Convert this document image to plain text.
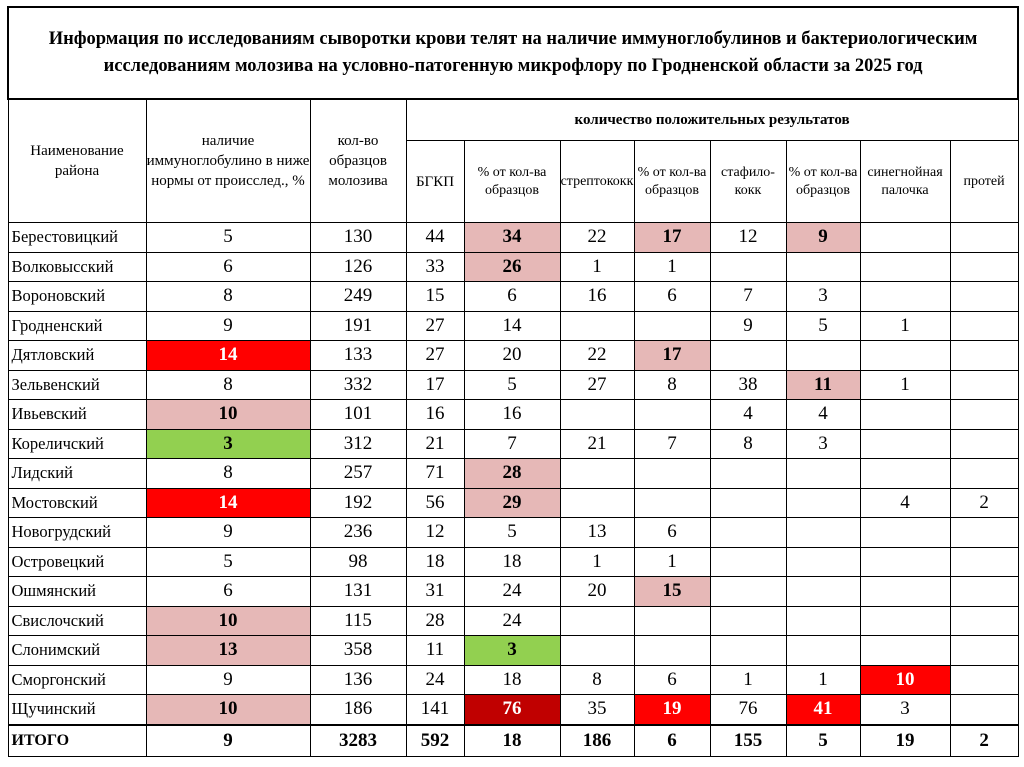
Информация по исследованиям сыворотки крови телят на наличие иммуноглобулинов и бактериологическим исследованиям молозива на условно-патогенную микрофлору по Гродненской области за 2025 год										
Наименование района	наличие иммуноглобулино в ниже нормы от происслед., %	кол-во образцов молозива	количество положительных результатов							
			БГКП	% от кол-ва образцов	стрептококк	% от кол-ва образцов	стафило-кокк	% от кол-ва образцов	синегнойная палочка	протей
Берестовицкий	5	130	44	34	22	17	12	9		
Волковысский	6	126	33	26	1	1				
Вороновский	8	249	15	6	16	6	7	3		
Гродненский	9	191	27	14			9	5	1	
Дятловский	14	133	27	20	22	17				
Зельвенский	8	332	17	5	27	8	38	11	1	
Ивьевский	10	101	16	16			4	4		
Кореличский	3	312	21	7	21	7	8	3		
Лидский	8	257	71	28						
Мостовский	14	192	56	29					4	2
Новогрудский	9	236	12	5	13	6				
Островецкий	5	98	18	18	1	1				
Ошмянский	6	131	31	24	20	15				
Свислочский	10	115	28	24						
Слонимский	13	358	11	3						
Сморгонский	9	136	24	18	8	6	1	1	10	
Щучинский	10	186	141	76	35	19	76	41	3	
ИТОГО	9	3283	592	18	186	6	155	5	19	2
